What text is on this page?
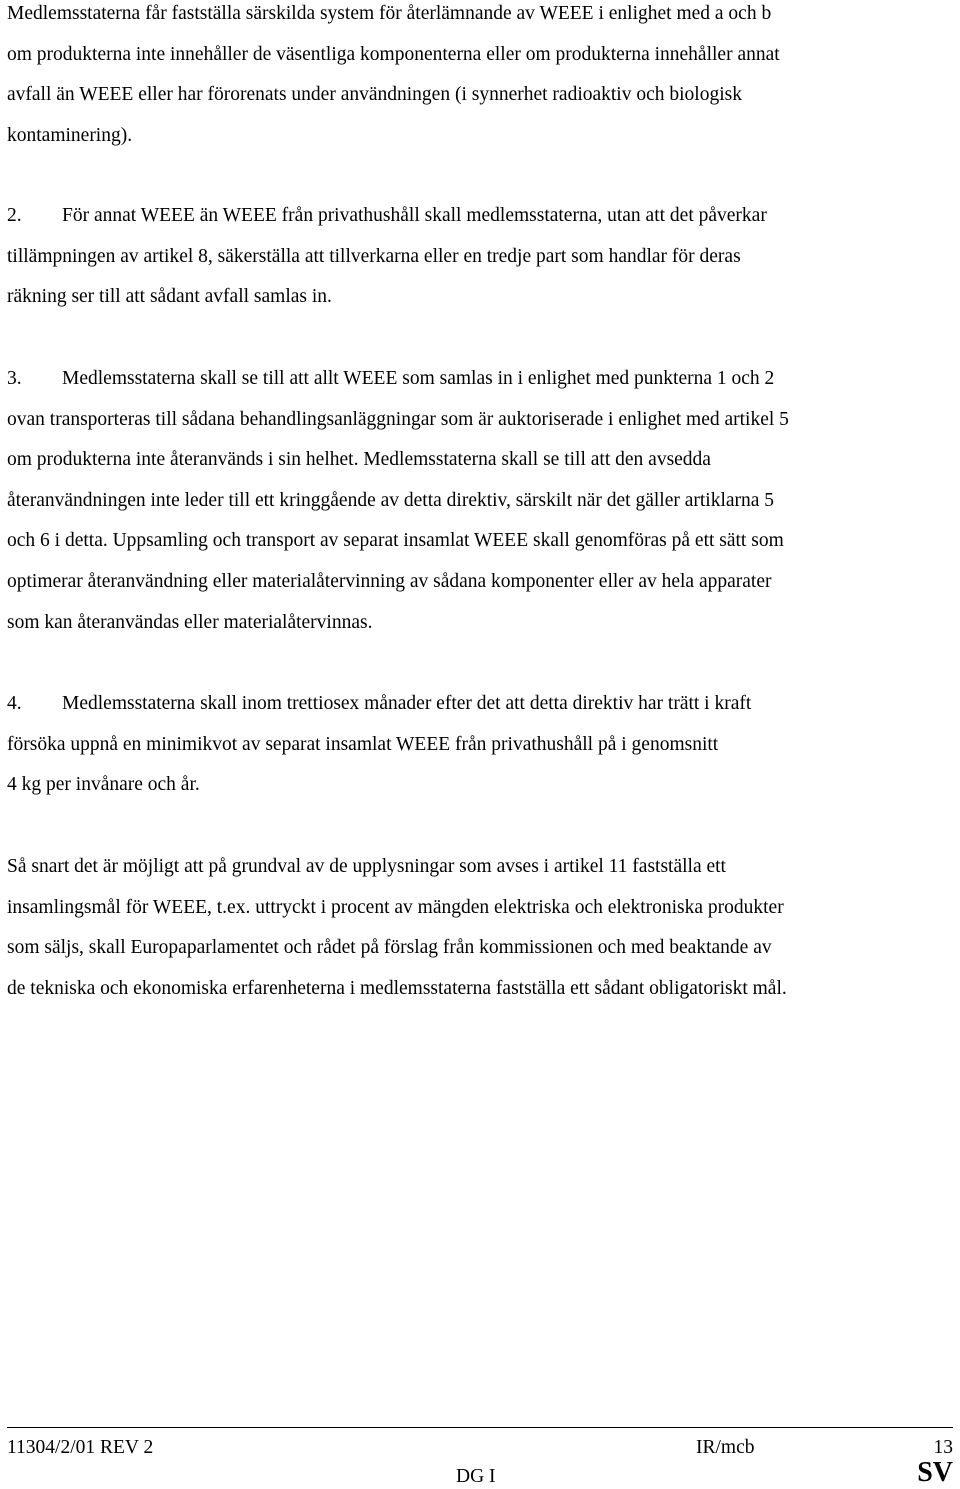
Medlemsstaterna får fastställa särskilda system för återlämnande av WEEE i enlighet med a och b
om produkterna inte innehåller de väsentliga komponenterna eller om produkterna innehåller annat
avfall än WEEE eller har förorenats under användningen (i synnerhet radioaktiv och biologisk
kontaminering).
2. För annat WEEE än WEEE från privathushåll skall medlemsstaterna, utan att det påverkar
tillämpningen av artikel 8, säkerställa att tillverkarna eller en tredje part som handlar för deras
räkning ser till att sådant avfall samlas in.
3. Medlemsstaterna skall se till att allt WEEE som samlas in i enlighet med punkterna 1 och 2
ovan transporteras till sådana behandlingsanläggningar som är auktoriserade i enlighet med artikel 5
om produkterna inte återanvänds i sin helhet. Medlemsstaterna skall se till att den avsedda
återanvändningen inte leder till ett kringgående av detta direktiv, särskilt när det gäller artiklarna 5
och 6 i detta. Uppsamling och transport av separat insamlat WEEE skall genomföras på ett sätt som
optimerar återanvändning eller materialåtervinning av sådana komponenter eller av hela apparater
som kan återanvändas eller materialåtervinnas.
4. Medlemsstaterna skall inom trettiosex månader efter det att detta direktiv har trätt i kraft
försöka uppnå en minimikvot av separat insamlat WEEE från privathushåll på i genomsnitt
4 kg per invånare och år.
Så snart det är möjligt att på grundval av de upplysningar som avses i artikel 11 fastställa ett
insamlingsmål för WEEE, t.ex. uttryckt i procent av mängden elektriska och elektroniska produkter
som säljs, skall Europaparlamentet och rådet på förslag från kommissionen och med beaktande av
de tekniska och ekonomiska erfarenheterna i medlemsstaterna fastställa ett sådant obligatoriskt mål.
11304/2/01 REV 2	IR/mcb	13
DG I	SV
